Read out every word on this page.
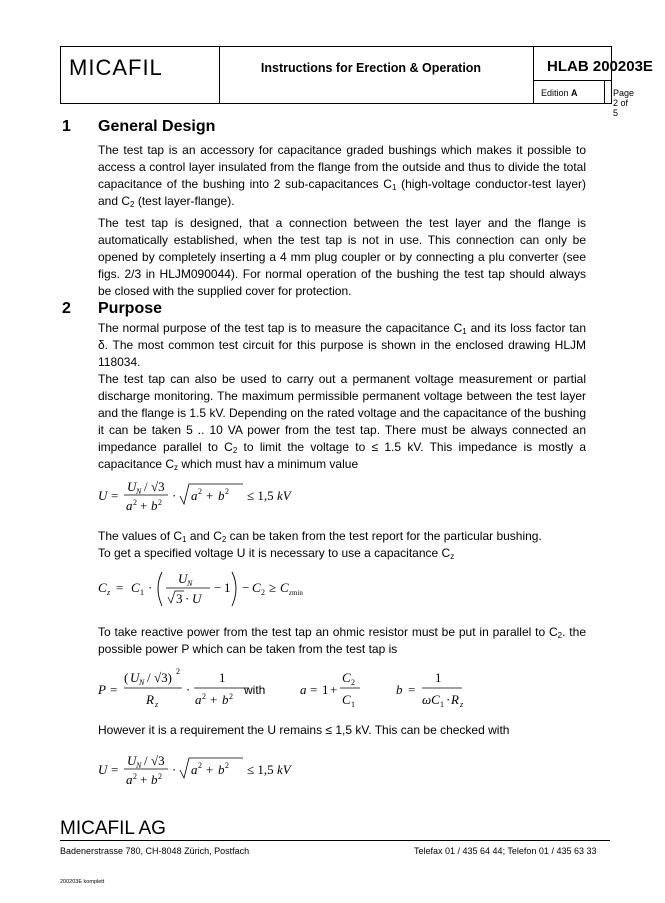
MICAFIL	Instructions for Erection & Operation	HLAB 200203E
Edition A	Page 2 of 5
1 General Design

The test tap is an accessory for capacitance graded bushings which makes it possible to access a control layer insulated from the flange from the outside and thus to divide the total capacitance of the bushing into 2 sub-capacitances $C_1$ (high-voltage conductor-test layer) and $C_2$ (test layer-flange).

The test tap is designed, that a connection between the test layer and the flange is automatically established, when the test tap is not in use. This connection can only be opened by completely inserting a 4 mm plug coupler or by connecting a plu converter (see figs. 2/3 in HLJM090044). For normal operation of the bushing the test tap should always be closed with the supplied cover for protection.

2 Purpose

The normal purpose of the test tap is to measure the capacitance $C_1$ and its loss factor tan δ. The most common test circuit for this purpose is shown in the enclosed drawing HLJM 118034.

The test tap can also be used to carry out a permanent voltage measurement or partial discharge monitoring. The maximum permissible permanent voltage between the test layer and the flange is 1.5 kV. Depending on the rated voltage and the capacitance of the bushing it can be taken 5 .. 10 VA power from the test tap. There must be always connected an impedance parallel to $C_2$ to limit the voltage to ≤ 1.5 kV. This impedance is mostly a capacitance $C_z$ which must hav a minimum value

U =
U N / √3
a 2 + b 2 · a 2 + b 2 ≤ 1,5 kV

The values of $C_1$ and $C_2$ can be taken from the test report for the particular bushing.

To get a specified voltage U it is necessary to use a capacitance $C_z$

C z = C 1 ·
U N
3 · U
− 1 − C 2 ≥ C z min

To take reactive power from the test tap an ohmic resistor must be put in parallel to $C_2$. the possible power P which can be taken from the test tap is

P =
( U N / √3) 2
R z
·
1
a 2 + b 2 with	a = 1 +
C 2
C 1
b =
1
ωC 1 · R z

However it is a requirement the U remains ≤ 1,5 kV. This can be checked with

U =
U N / √3
a 2 + b 2 · a 2 + b 2 ≤ 1,5 kV
MICAFIL AG
Badenerstrasse 780, CH-8048 Zürich, Postfach	Telefax 01 / 435 64 44; Telefon 01 / 435 63 33
200203E komplett
